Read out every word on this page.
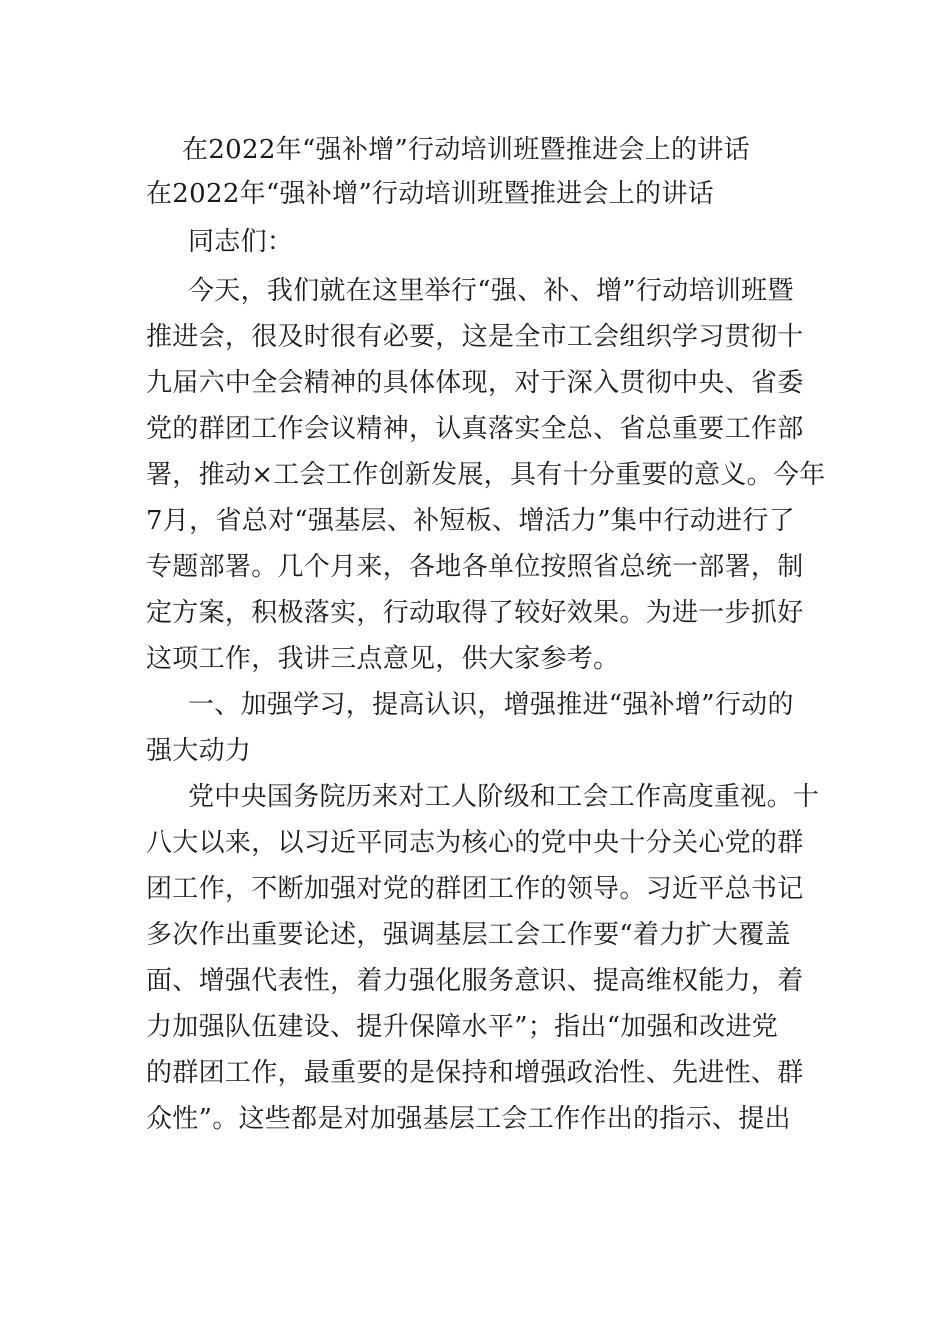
在2022年“强补增”行动培训班暨推进会上的讲话
在2022年“强补增”行动培训班暨推进会上的讲话
同志们：
今天，我们就在这里举行“强、补、增”行动培训班暨
推进会，很及时很有必要，这是全市工会组织学习贯彻十
九届六中全会精神的具体体现，对于深入贯彻中央、省委
党的群团工作会议精神，认真落实全总、省总重要工作部
署，推动×工会工作创新发展，具有十分重要的意义。今年
7月，省总对“强基层、补短板、增活力”集中行动进行了
专题部署。几个月来，各地各单位按照省总统一部署，制
定方案，积极落实，行动取得了较好效果。为进一步抓好
这项工作，我讲三点意见，供大家参考。
一、加强学习，提高认识，增强推进“强补增”行动的
强大动力
党中央国务院历来对工人阶级和工会工作高度重视。十
八大以来，以习近平同志为核心的党中央十分关心党的群
团工作，不断加强对党的群团工作的领导。习近平总书记
多次作出重要论述，强调基层工会工作要“着力扩大覆盖
面、增强代表性，着力强化服务意识、提高维权能力，着
力加强队伍建设、提升保障水平”；指出“加强和改进党
的群团工作，最重要的是保持和增强政治性、先进性、群
众性”。这些都是对加强基层工会工作作出的指示、提出
